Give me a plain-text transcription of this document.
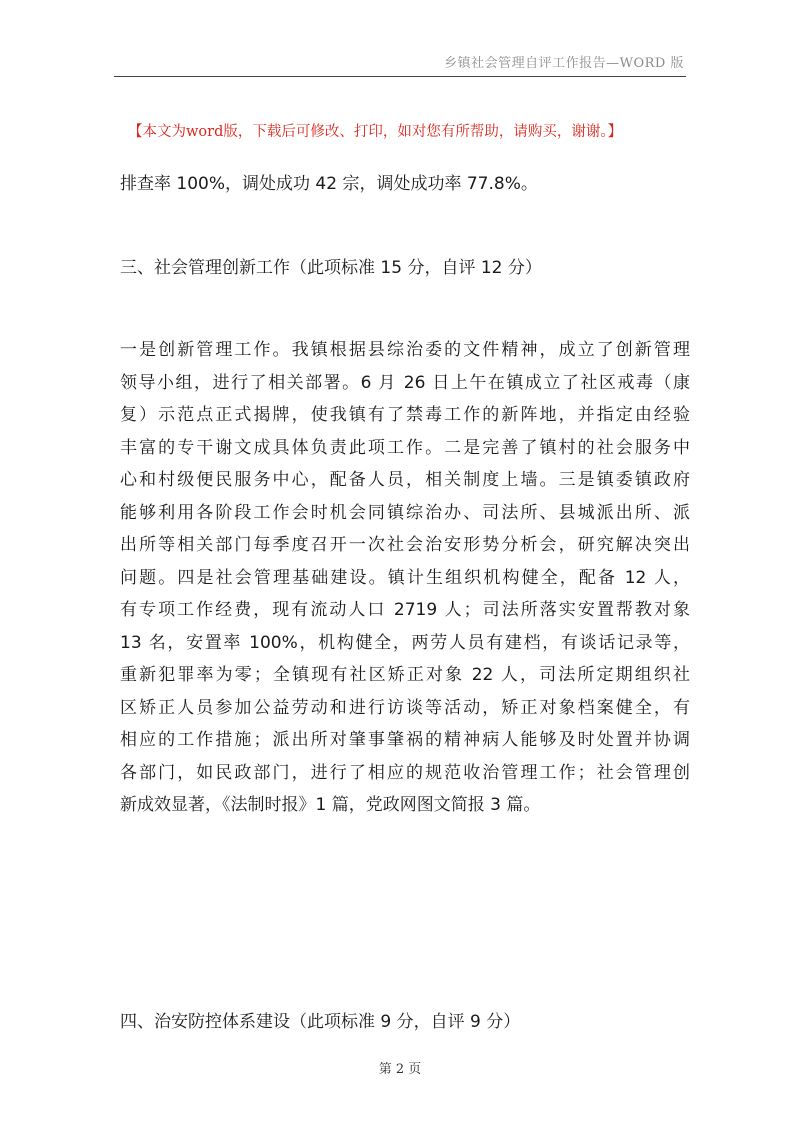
乡镇社会管理自评工作报告—WORD 版
【本文为word版，下载后可修改、打印，如对您有所帮助，请购买，谢谢。】
排查率 100%，调处成功 42 宗，调处成功率 77.8%。
三、社会管理创新工作（此项标准 15 分，自评 12 分）

一是创新管理工作。我镇根据县综治委的文件精神，成立了创新管理

领导小组，进行了相关部署。6 月 26 日上午在镇成立了社区戒毒（康

复）示范点正式揭牌，使我镇有了禁毒工作的新阵地，并指定由经验

丰富的专干谢文成具体负责此项工作。二是完善了镇村的社会服务中

心和村级便民服务中心，配备人员，相关制度上墙。三是镇委镇政府

能够利用各阶段工作会时机会同镇综治办、司法所、县城派出所、派

出所等相关部门每季度召开一次社会治安形势分析会，研究解决突出

问题。四是社会管理基础建设。镇计生组织机构健全，配备 12 人，

有专项工作经费，现有流动人口 2719 人；司法所落实安置帮教对象

13 名，安置率 100%，机构健全，两劳人员有建档，有谈话记录等，

重新犯罪率为零；全镇现有社区矫正对象 22 人，司法所定期组织社

区矫正人员参加公益劳动和进行访谈等活动，矫正对象档案健全，有

相应的工作措施；派出所对肇事肇祸的精神病人能够及时处置并协调

各部门，如民政部门，进行了相应的规范收治管理工作；社会管理创

新成效显著，《法制时报》1 篇，党政网图文简报 3 篇。

四、治安防控体系建设（此项标准 9 分，自评 9 分）
第 2 页
